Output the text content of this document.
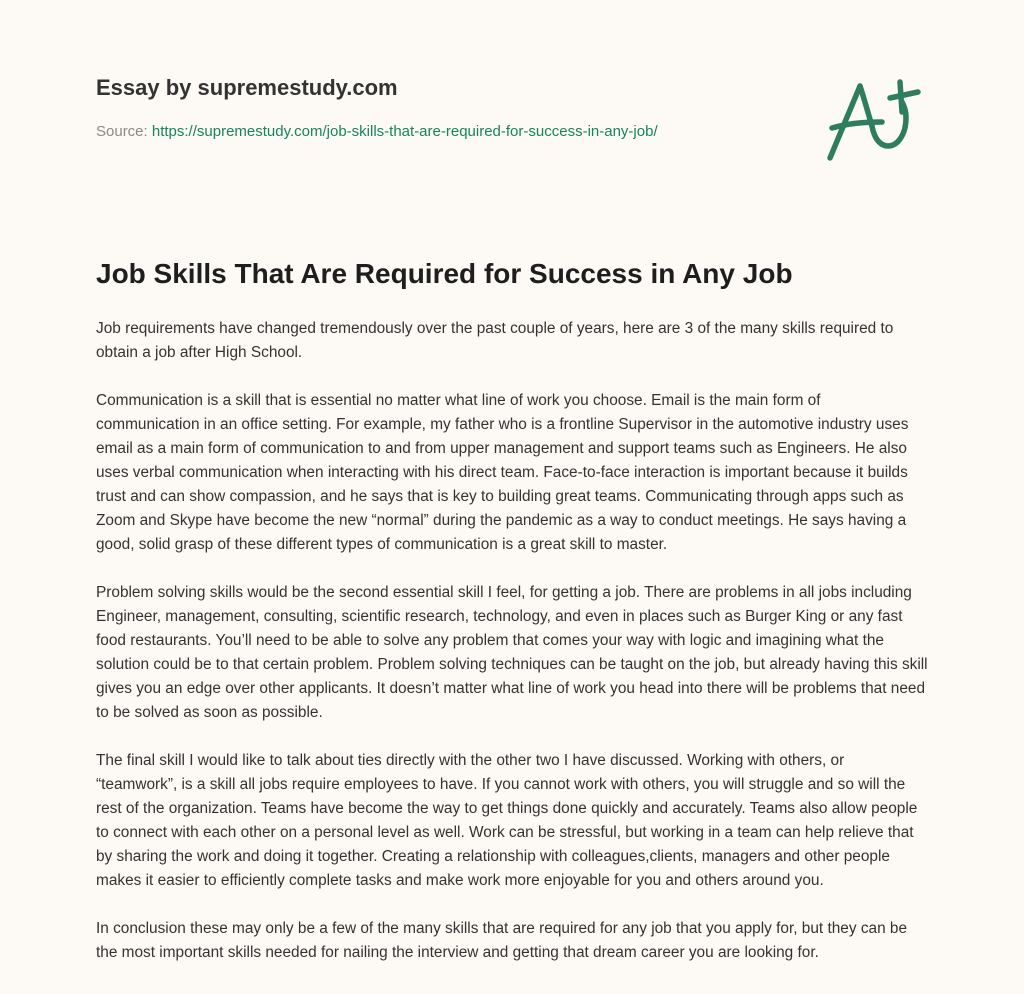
Essay by supremestudy.com
Source: https://supremestudy.com/job-skills-that-are-required-for-success-in-any-job/
Job Skills That Are Required for Success in Any Job

Job requirements have changed tremendously over the past couple of years, here are 3 of the many skills required to obtain a job after High School.

Communication is a skill that is essential no matter what line of work you choose. Email is the main form of communication in an office setting. For example, my father who is a frontline Supervisor in the automotive industry uses email as a main form of communication to and from upper management and support teams such as Engineers. He also uses verbal communication when interacting with his direct team. Face-to-face interaction is important because it builds trust and can show compassion, and he says that is key to building great teams. Communicating through apps such as Zoom and Skype have become the new “normal” during the pandemic as a way to conduct meetings. He says having a good, solid grasp of these different types of communication is a great skill to master.

Problem solving skills would be the second essential skill I feel, for getting a job. There are problems in all jobs including Engineer, management, consulting, scientific research, technology, and even in places such as Burger King or any fast food restaurants. You’ll need to be able to solve any problem that comes your way with logic and imagining what the solution could be to that certain problem. Problem solving techniques can be taught on the job, but already having this skill gives you an edge over other applicants. It doesn’t matter what line of work you head into there will be problems that need to be solved as soon as possible.

The final skill I would like to talk about ties directly with the other two I have discussed. Working with others, or “teamwork”, is a skill all jobs require employees to have. If you cannot work with others, you will struggle and so will the rest of the organization. Teams have become the way to get things done quickly and accurately. Teams also allow people to connect with each other on a personal level as well. Work can be stressful, but working in a team can help relieve that by sharing the work and doing it together. Creating a relationship with colleagues,clients, managers and other people makes it easier to efficiently complete tasks and make work more enjoyable for you and others around you.

In conclusion these may only be a few of the many skills that are required for any job that you apply for, but they can be the most important skills needed for nailing the interview and getting that dream career you are looking for.
